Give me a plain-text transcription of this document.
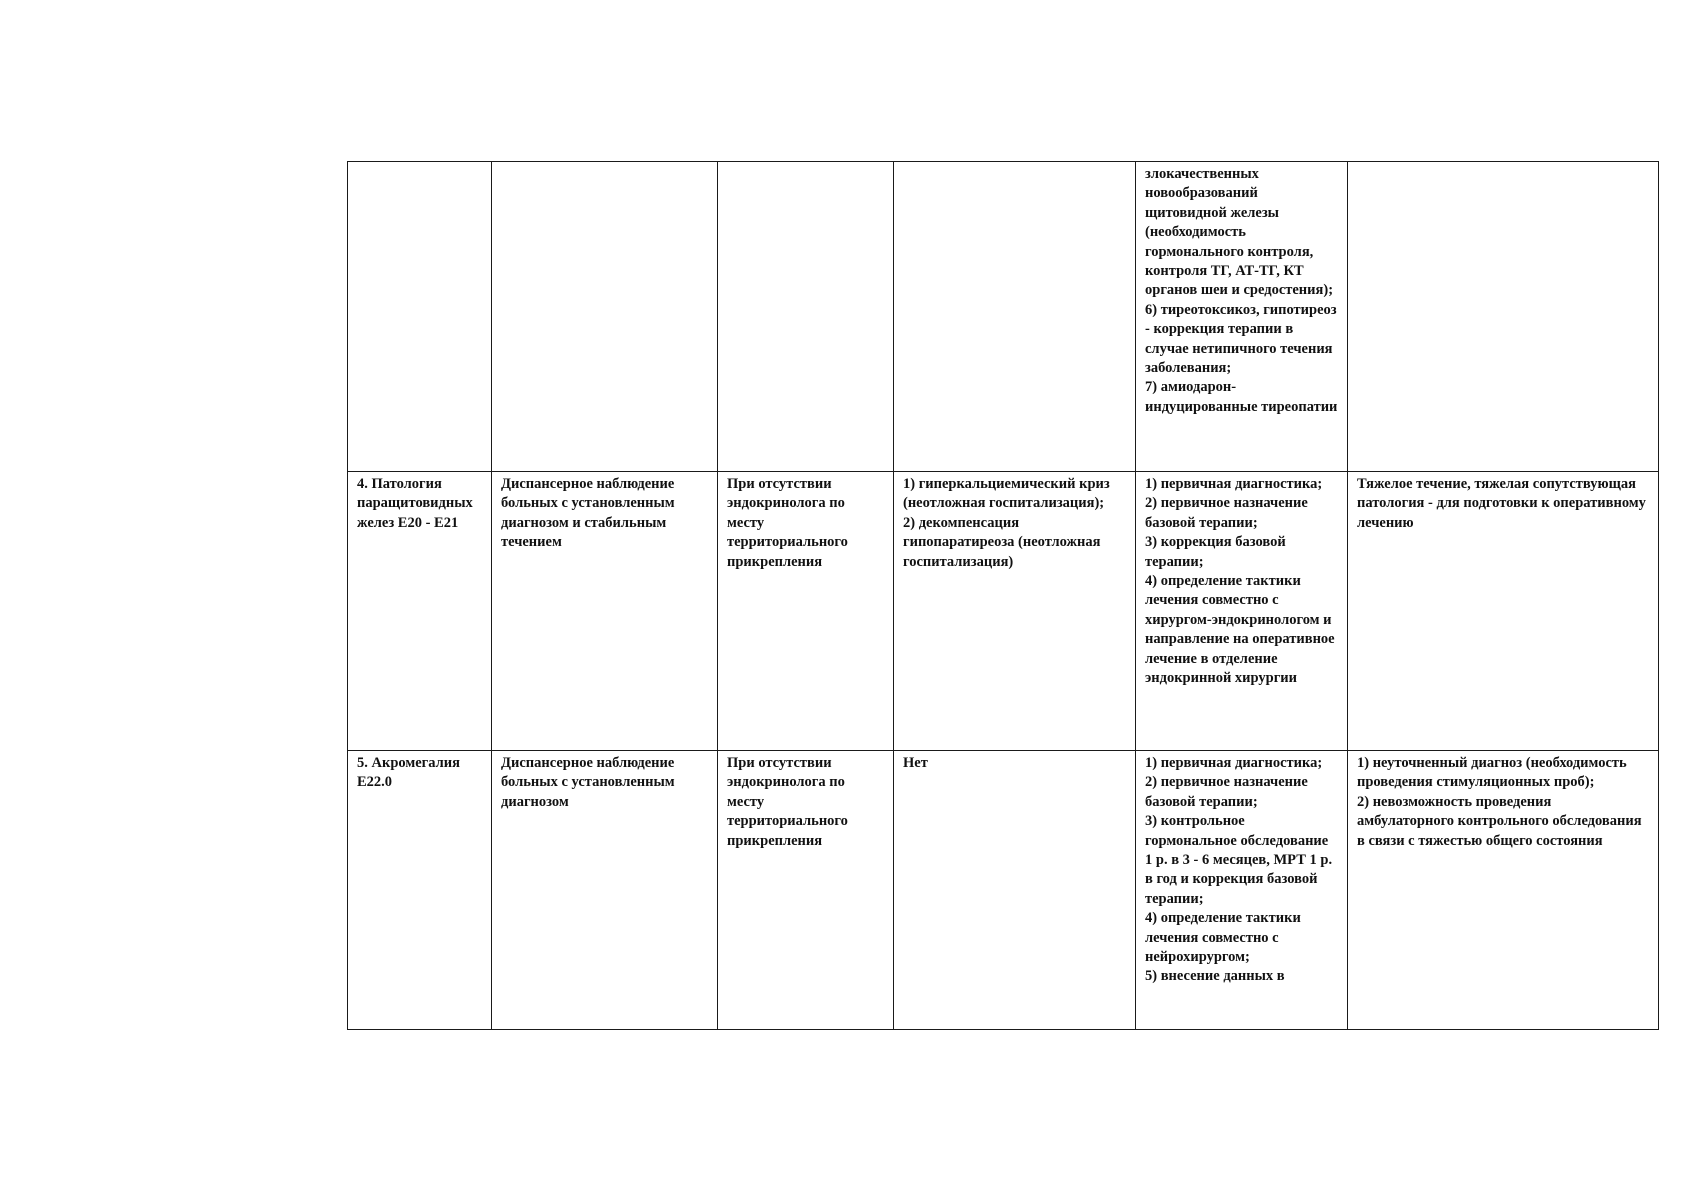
				злокачественных новообразований щитовидной железы (необходимость гормонального контроля, контроля ТГ, АТ-ТГ, КТ органов шеи и средостения);
6) тиреотоксикоз, гипотиреоз - коррекция терапии в случае нетипичного течения заболевания;
7) амиодарон-индуцированные тиреопатии	

4. Патология паращитовидных желез E20 - E21	Диспансерное наблюдение больных с установленным диагнозом и стабильным течением	При отсутствии эндокринолога по месту территориального прикрепления	1) гиперкальциемический криз (неотложная госпитализация);
2) декомпенсация гипопаратиреоза (неотложная госпитализация)	1) первичная диагностика;
2) первичное назначение базовой терапии;
3) коррекция базовой терапии;
4) определение тактики лечения совместно с хирургом-эндокринологом и направление на оперативное лечение в отделение эндокринной хирургии	Тяжелое течение, тяжелая сопутствующая патология - для подготовки к оперативному лечению
5. Акромегалия E22.0	Диспансерное наблюдение больных с установленным диагнозом	При отсутствии эндокринолога по месту территориального прикрепления	Нет	1) первичная диагностика;
2) первичное назначение базовой терапии;
3) контрольное гормональное обследование 1 р. в 3 - 6 месяцев, МРТ 1 р. в год и коррекция базовой терапии;
4) определение тактики лечения совместно с нейрохирургом;
5) внесение данных в	1) неуточненный диагноз (необходимость проведения стимуляционных проб);
2) невозможность проведения амбулаторного контрольного обследования в связи с тяжестью общего состояния
